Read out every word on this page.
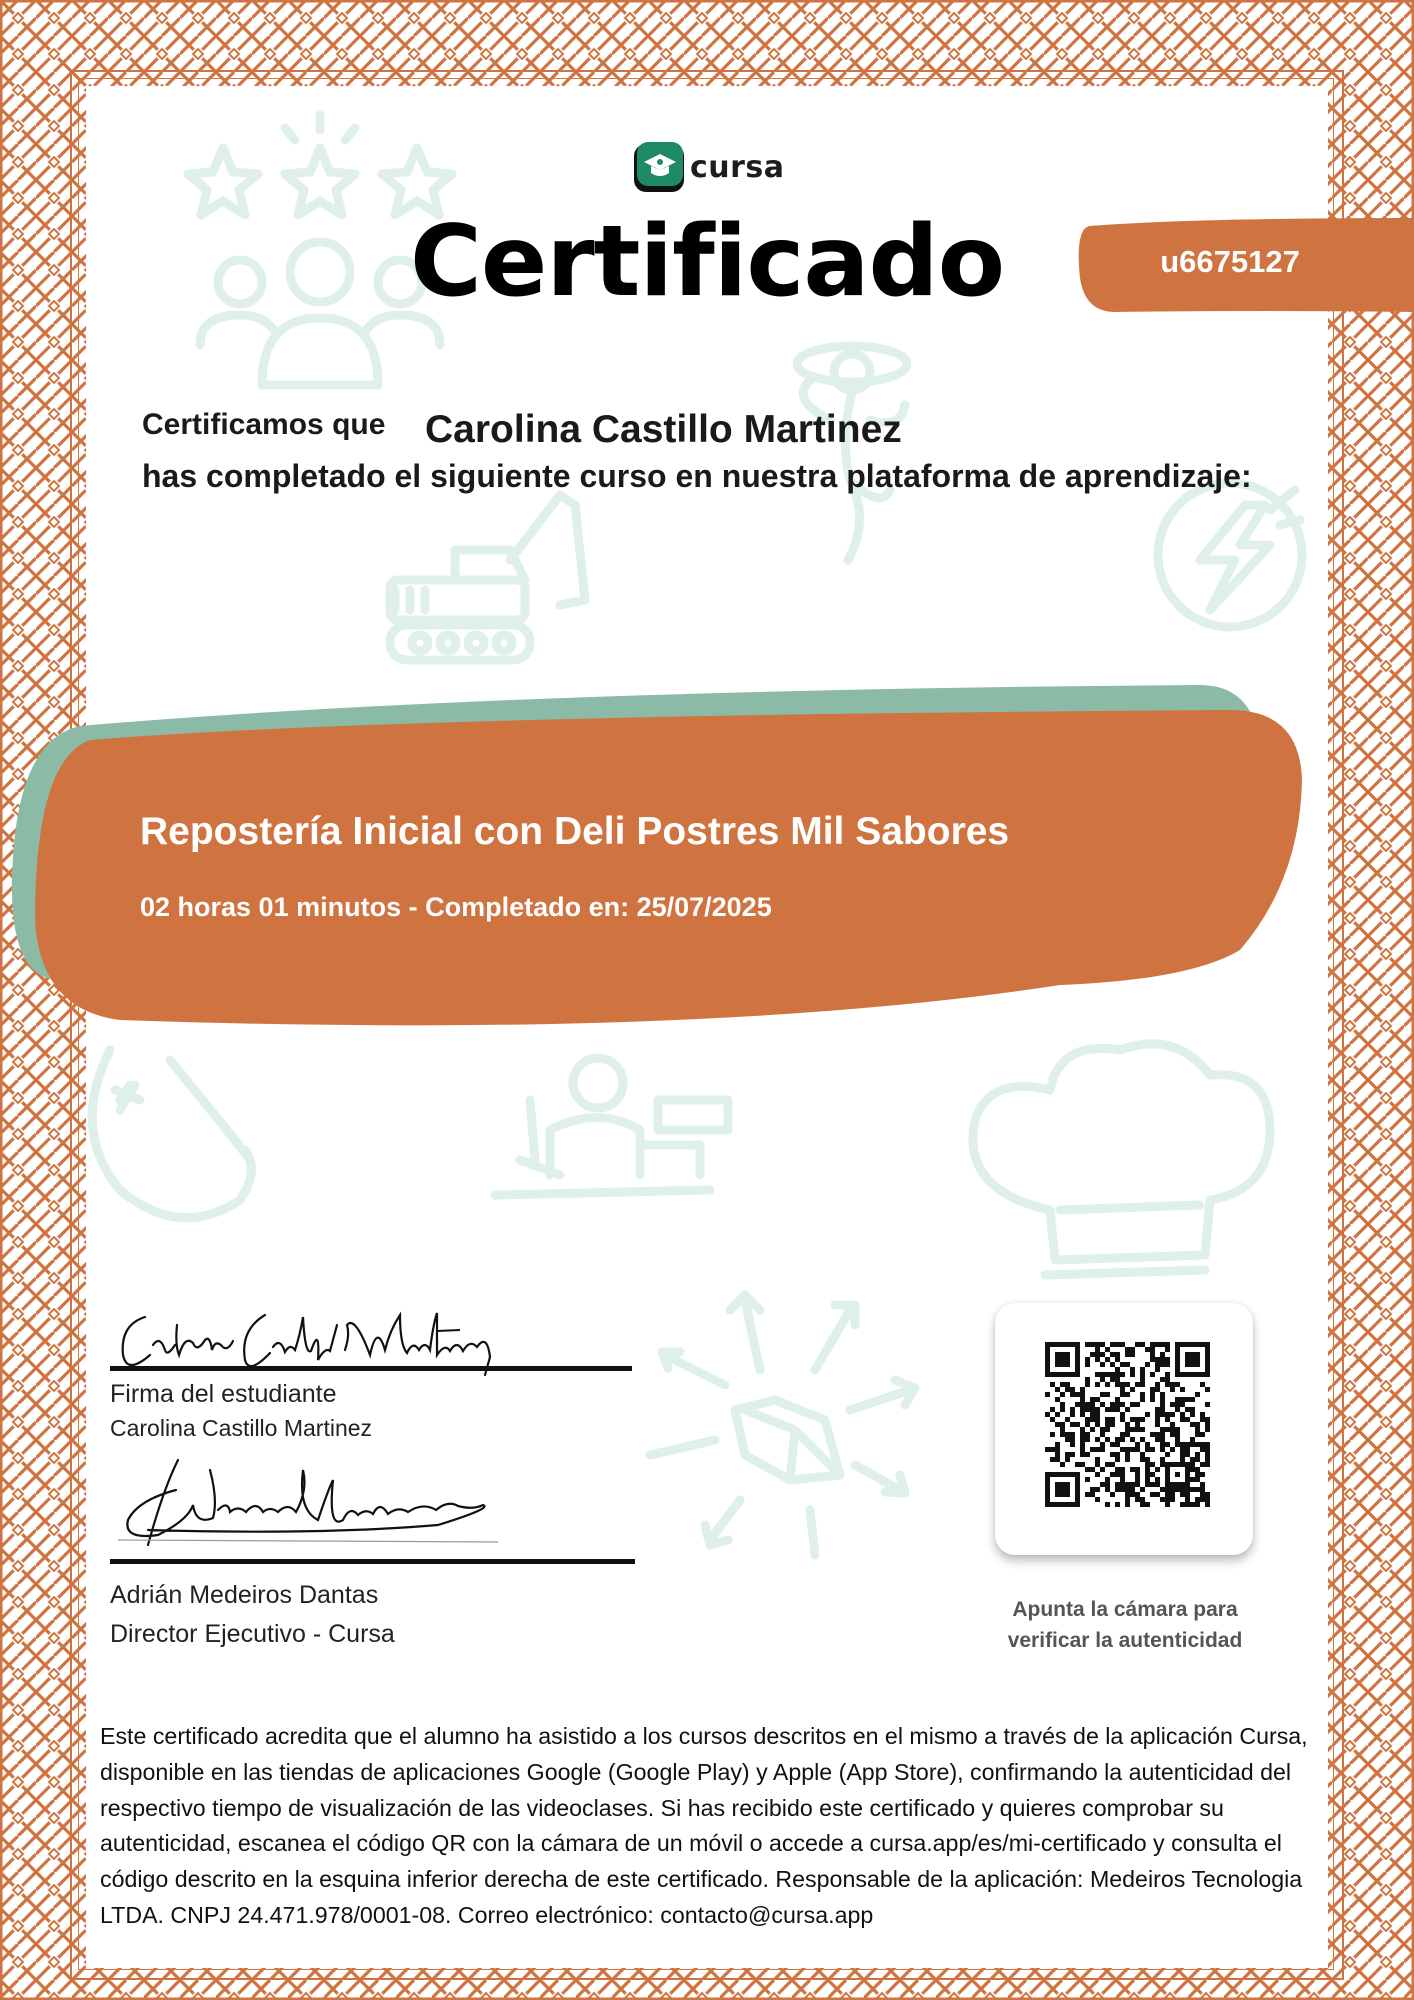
cursa
Certificado	u6675127
Certificamos que Carolina Castillo Martinez
has completado el siguiente curso en nuestra plataforma de aprendizaje:
Repostería Inicial con Deli Postres Mil Sabores
02 horas 01 minutos - Completado en: 25/07/2025
Firma del estudiante
Carolina Castillo Martinez
Adrián Medeiros Dantas
Director Ejecutivo - Cursa
Apunta la cámara para
verificar la autenticidad
Este certificado acredita que el alumno ha asistido a los cursos descritos en el mismo a través de la aplicación Cursa, disponible en las tiendas de aplicaciones Google (Google Play) y Apple (App Store), confirmando la autenticidad del respectivo tiempo de visualización de las videoclases. Si has recibido este certificado y quieres comprobar su autenticidad, escanea el código QR con la cámara de un móvil o accede a cursa.app/es/mi-certificado y consulta el código descrito en la esquina inferior derecha de este certificado. Responsable de la aplicación: Medeiros Tecnologia LTDA. CNPJ 24.471.978/0001-08. Correo electrónico: contacto@cursa.app
